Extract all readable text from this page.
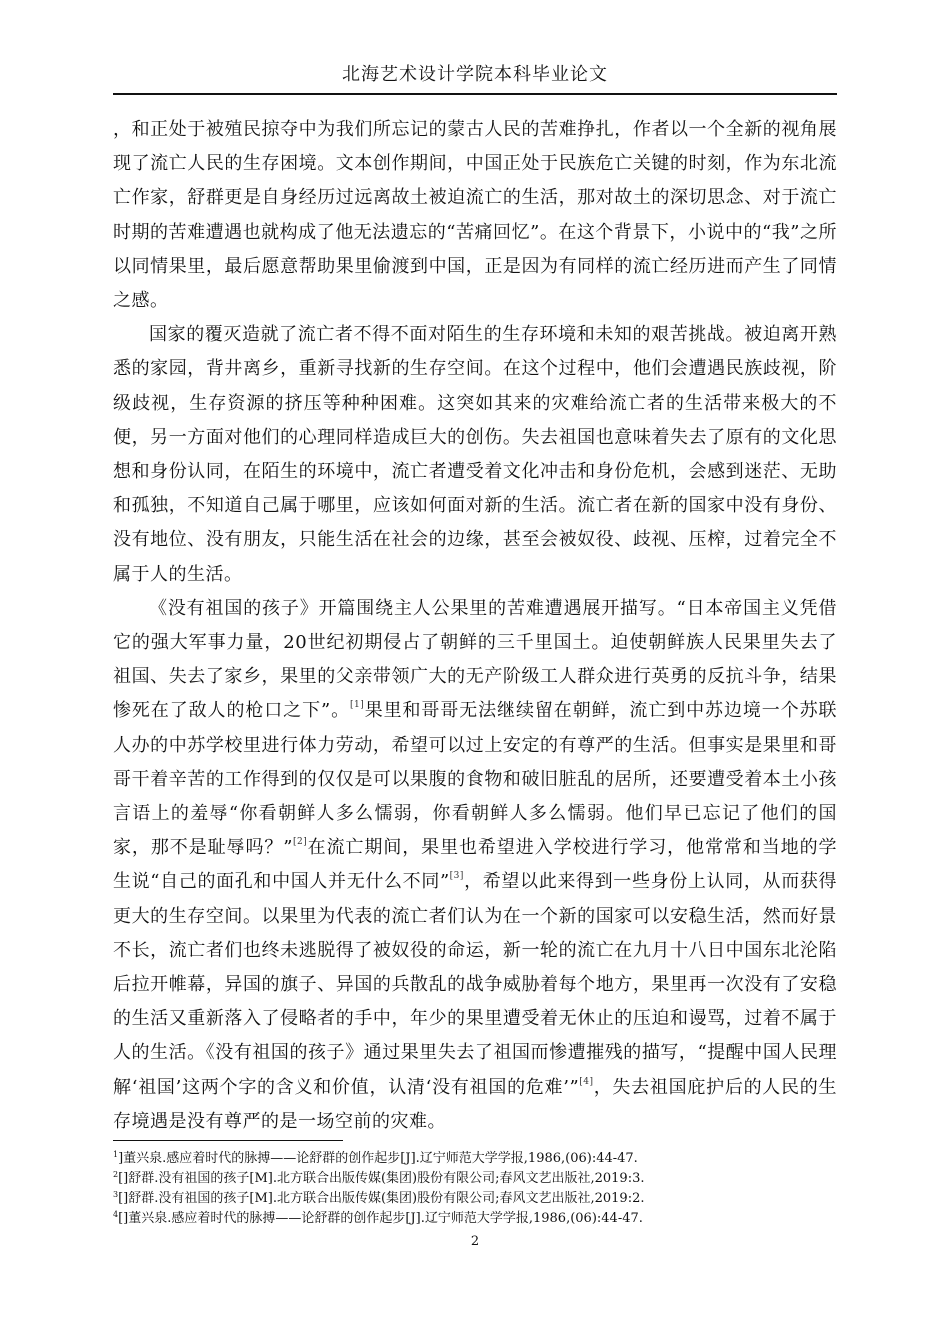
北海艺术设计学院本科毕业论文

，和正处于被殖民掠夺中为我们所忘记的蒙古人民的苦难挣扎，作者以一个全新的视角展现了流亡人民的生存困境。文本创作期间，中国正处于民族危亡关键的时刻，作为东北流亡作家，舒群更是自身经历过远离故土被迫流亡的生活，那对故土的深切思念、对于流亡时期的苦难遭遇也就构成了他无法遗忘的“苦痛回忆”。在这个背景下，小说中的“我”之所以同情果里，最后愿意帮助果里偷渡到中国，正是因为有同样的流亡经历进而产生了同情之感。

国家的覆灭造就了流亡者不得不面对陌生的生存环境和未知的艰苦挑战。被迫离开熟悉的家园，背井离乡，重新寻找新的生存空间。在这个过程中，他们会遭遇民族歧视，阶级歧视，生存资源的挤压等种种困难。这突如其来的灾难给流亡者的生活带来极大的不便，另一方面对他们的心理同样造成巨大的创伤。失去祖国也意味着失去了原有的文化思想和身份认同，在陌生的环境中，流亡者遭受着文化冲击和身份危机，会感到迷茫、无助和孤独，不知道自己属于哪里，应该如何面对新的生活。流亡者在新的国家中没有身份、没有地位、没有朋友，只能生活在社会的边缘，甚至会被奴役、歧视、压榨，过着完全不属于人的生活。

《没有祖国的孩子》开篇围绕主人公果里的苦难遭遇展开描写。“日本帝国主义凭借它的强大军事力量，20世纪初期侵占了朝鲜的三千里国土。迫使朝鲜族人民果里失去了祖国、失去了家乡，果里的父亲带领广大的无产阶级工人群众进行英勇的反抗斗争，结果惨死在了敌人的枪口之下”。[1]果里和哥哥无法继续留在朝鲜，流亡到中苏边境一个苏联人办的中苏学校里进行体力劳动，希望可以过上安定的有尊严的生活。但事实是果里和哥哥干着辛苦的工作得到的仅仅是可以果腹的食物和破旧脏乱的居所，还要遭受着本土小孩言语上的羞辱“你看朝鲜人多么懦弱，你看朝鲜人多么懦弱。他们早已忘记了他们的国家，那不是耻辱吗？”[2]在流亡期间，果里也希望进入学校进行学习，他常常和当地的学生说“自己的面孔和中国人并无什么不同”[3]，希望以此来得到一些身份上认同，从而获得更大的生存空间。以果里为代表的流亡者们认为在一个新的国家可以安稳生活，然而好景不长，流亡者们也终未逃脱得了被奴役的命运，新一轮的流亡在九月十八日中国东北沦陷后拉开帷幕，异国的旗子、异国的兵散乱的战争威胁着每个地方，果里再一次没有了安稳的生活又重新落入了侵略者的手中，年少的果里遭受着无休止的压迫和谩骂，过着不属于人的生活。《没有祖国的孩子》通过果里失去了祖国而惨遭摧残的描写，“提醒中国人民理解‘祖国’这两个字的含义和价值，认清‘没有祖国的危难’”[4]，失去祖国庇护后的人民的生存境遇是没有尊严的是一场空前的灾难。

$^1$]董兴泉.感应着时代的脉搏——论舒群的创作起步[J].辽宁师范大学学报,1986,(06):44-47.
$^2$[]舒群.没有祖国的孩子[M].北方联合出版传媒(集团)股份有限公司;春风文艺出版社,2019:3.
$^3$[]舒群.没有祖国的孩子[M].北方联合出版传媒(集团)股份有限公司;春风文艺出版社,2019:2.
$^4$[]董兴泉.感应着时代的脉搏——论舒群的创作起步[J].辽宁师范大学学报,1986,(06):44-47.
2
